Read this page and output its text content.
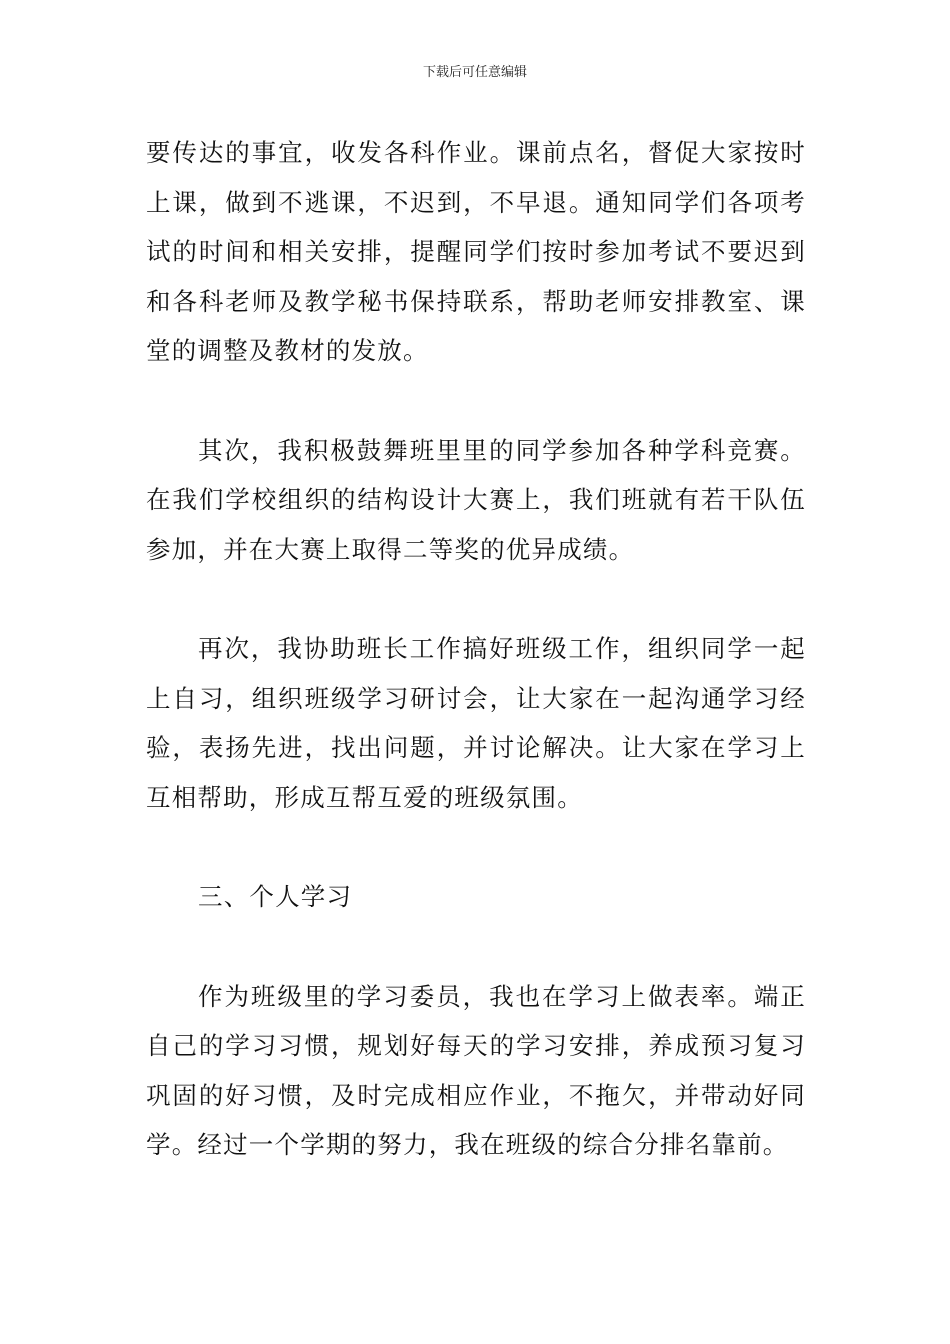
下载后可任意编辑

要传达的事宜，收发各科作业。课前点名，督促大家按时上课，做到不逃课，不迟到，不早退。通知同学们各项考试的时间和相关安排，提醒同学们按时参加考试不要迟到和各科老师及教学秘书保持联系，帮助老师安排教室、课堂的调整及教材的发放。

其次，我积极鼓舞班里里的同学参加各种学科竞赛。在我们学校组织的结构设计大赛上，我们班就有若干队伍参加，并在大赛上取得二等奖的优异成绩。

再次，我协助班长工作搞好班级工作，组织同学一起上自习，组织班级学习研讨会，让大家在一起沟通学习经验，表扬先进，找出问题，并讨论解决。让大家在学习上互相帮助，形成互帮互爱的班级氛围。

三、个人学习

作为班级里的学习委员，我也在学习上做表率。端正自己的学习习惯，规划好每天的学习安排，养成预习复习巩固的好习惯，及时完成相应作业，不拖欠，并带动好同学。经过一个学期的努力，我在班级的综合分排名靠前。
